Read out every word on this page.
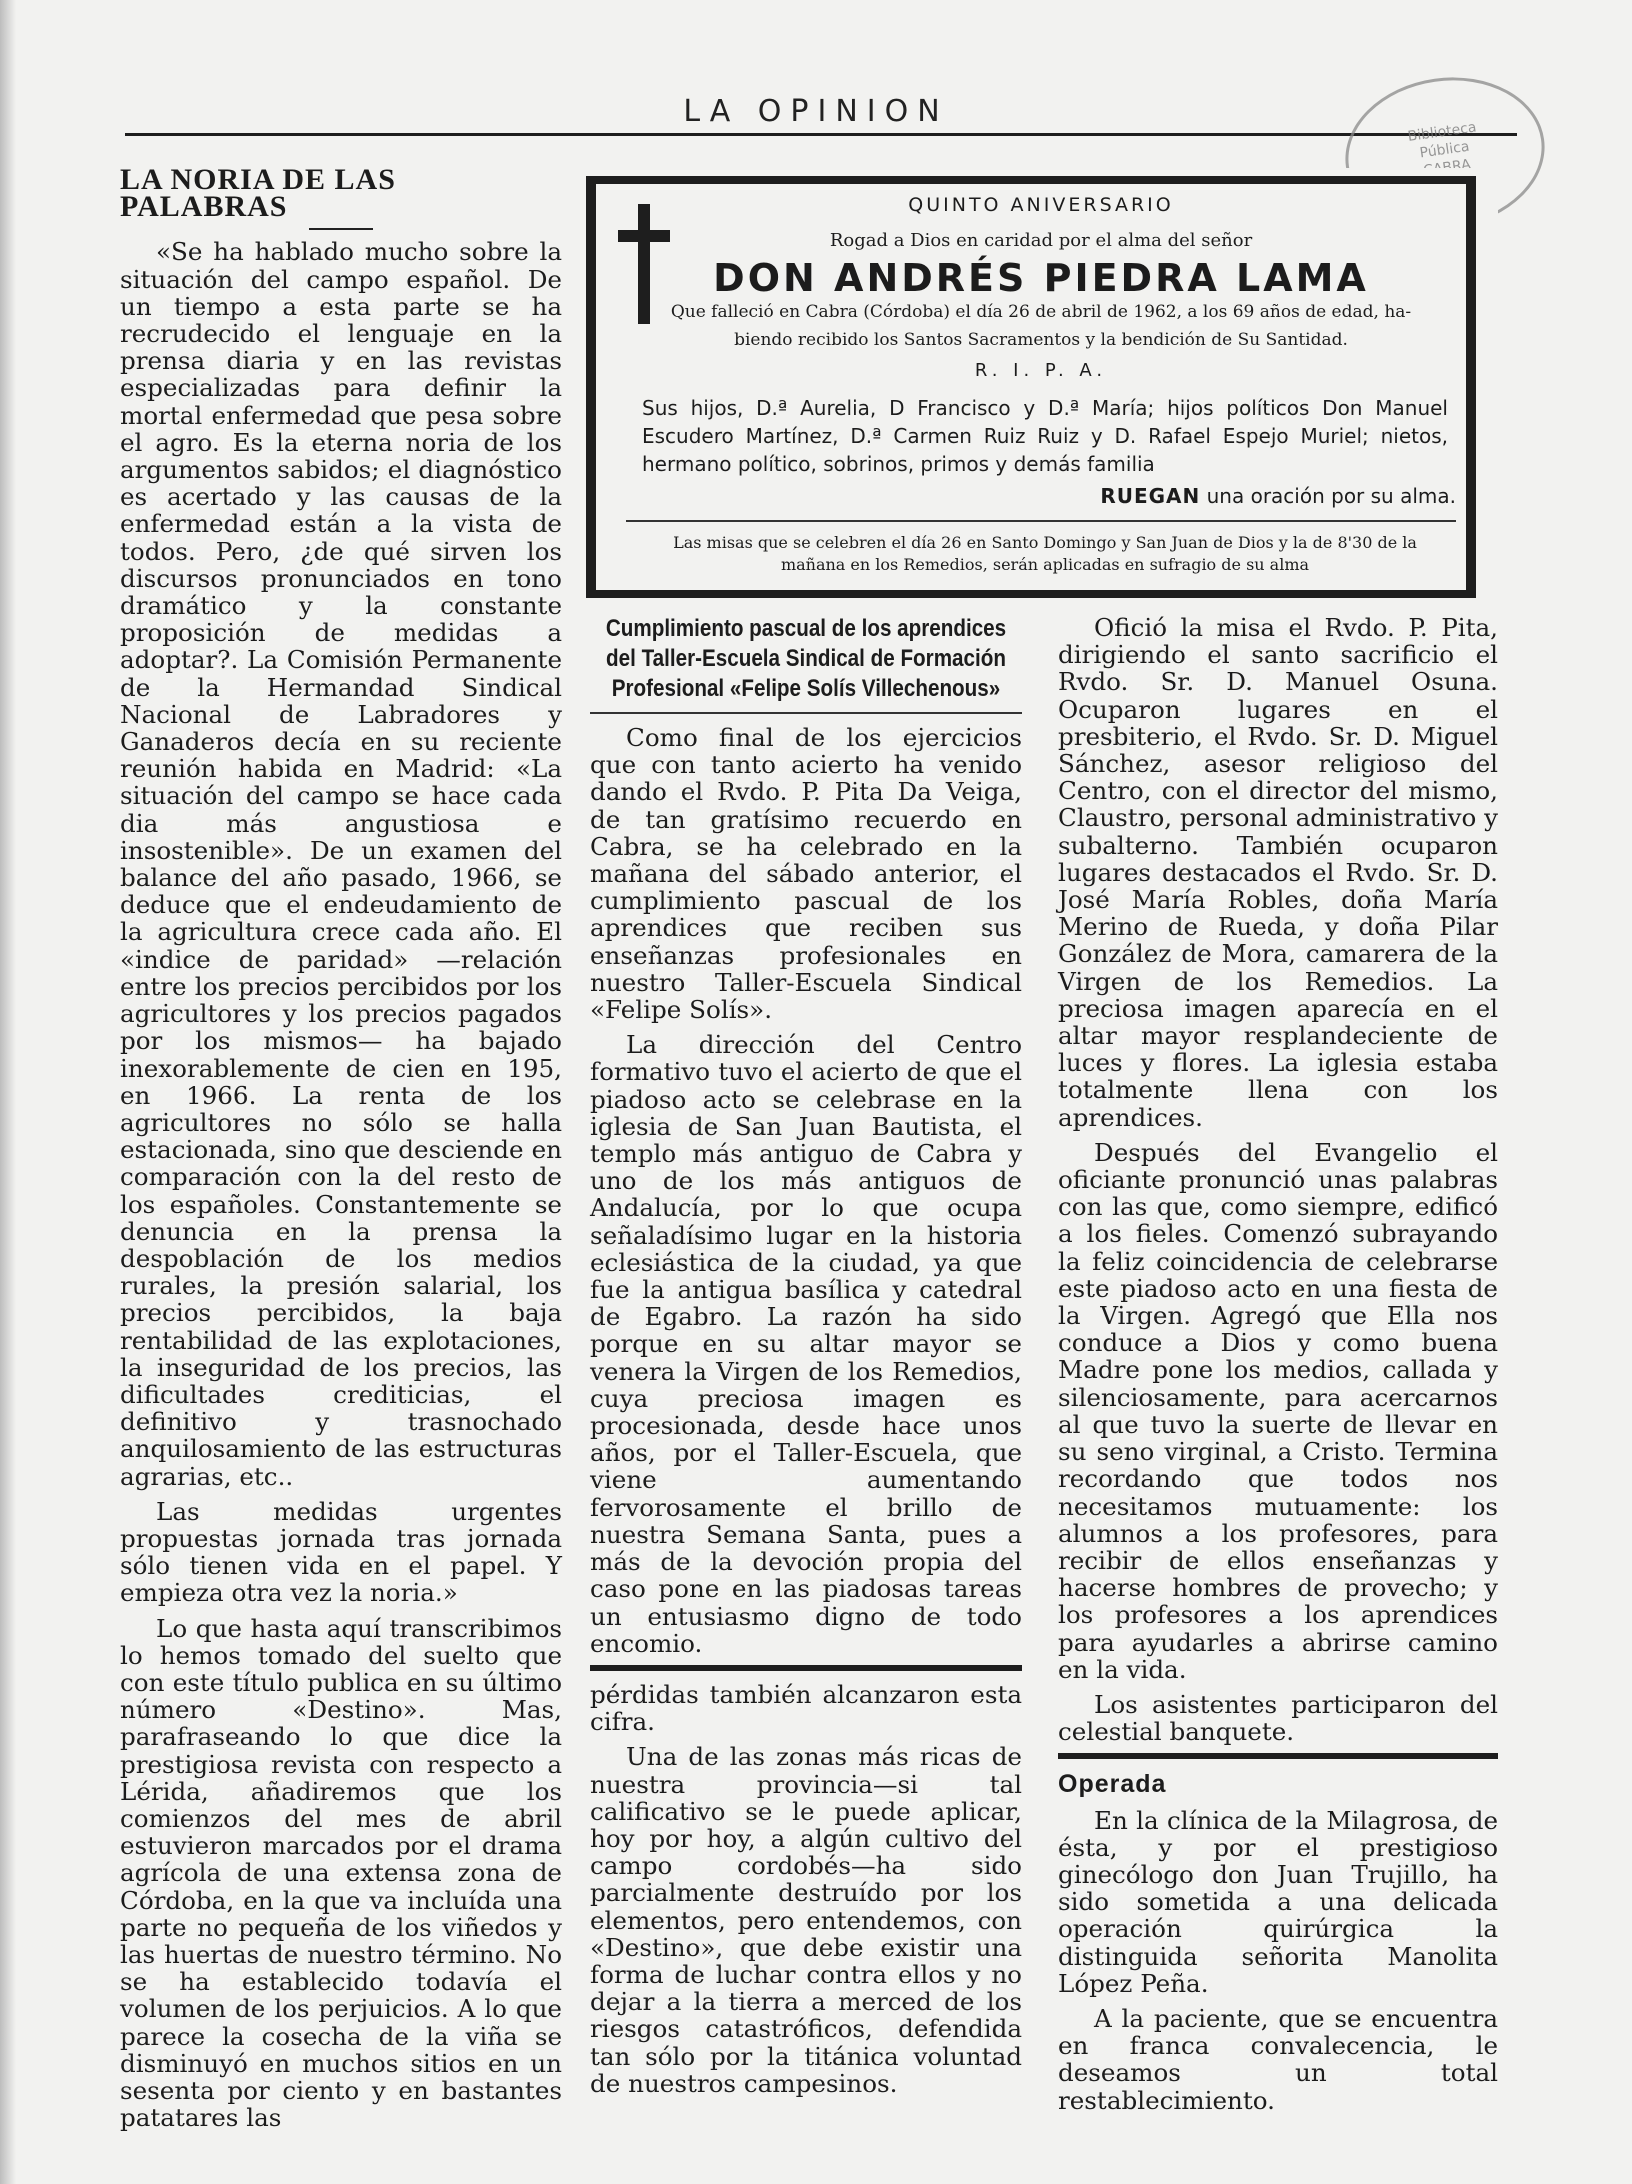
LA OPINION
Biblioteca
Pública
LA NORIA DE LAS PALABRAS

«Se ha hablado mucho sobre la situación del campo español. De un tiempo a esta parte se ha recrudecido el lenguaje en la prensa diaria y en las revistas especializadas para definir la mortal enfermedad que pesa sobre el agro. Es la eterna noria de los argumentos sabidos; el diagnóstico es acertado y las causas de la enfermedad están a la vista de todos. Pero, ¿de qué sirven los discursos pronunciados en tono dramático y la constante proposición de medidas a adoptar?. La Comisión Permanente de la Hermandad Sindical Nacional de Labradores y Ganaderos decía en su reciente reunión habida en Madrid: «La situación del campo se hace cada dia más angustiosa e insostenible». De un examen del balance del año pasado, 1966, se deduce que el endeudamiento de la agricultura crece cada año. El «indice de paridad» —relación entre los precios percibidos por los agricultores y los precios pagados por los mismos— ha bajado inexorablemente de cien en 195, en 1966. La renta de los agricultores no sólo se halla estacionada, sino que desciende en comparación con la del resto de los españoles. Constantemente se denuncia en la prensa la despoblación de los medios rurales, la presión salarial, los precios percibidos, la baja rentabilidad de las explotaciones, la inseguridad de los precios, las dificultades crediticias, el definitivo y trasnochado anquilosamiento de las estructuras agrarias, etc..

Las medidas urgentes propuestas jornada tras jornada sólo tienen vida en el papel. Y empieza otra vez la noria.»

Lo que hasta aquí transcribimos lo hemos tomado del suelto que con este título publica en su último número «Destino». Mas, parafraseando lo que dice la prestigiosa revista con respecto a Lérida, añadiremos que los comienzos del mes de abril estuvieron marcados por el drama agrícola de una extensa zona de Córdoba, en la que va incluída una parte no pequeña de los viñedos y las huertas de nuestro término. No se ha establecido todavía el volumen de los perjuicios. A lo que parece la cosecha de la viña se disminuyó en muchos sitios en un sesenta por ciento y en bastantes patatares las

QUINTO ANIVERSARIO
Rogad a Dios en caridad por el alma del señor
DON ANDRÉS PIEDRA LAMA
Que falleció en Cabra (Córdoba) el día 26 de abril de 1962, a los 69 años de edad, ha-
biendo recibido los Santos Sacramentos y la bendición de Su Santidad.
R. I. P. A.
Sus hijos, D.ª Aurelia, D Francisco y D.ª María; hijos políticos Don Manuel Escudero Martínez, D.ª Carmen Ruiz Ruiz y D. Rafael Espejo Muriel; nietos, hermano político, sobrinos, primos y demás familia
RUEGAN una oración por su alma.
Las misas que se celebren el día 26 en Santo Domingo y San Juan de Dios y la de 8'30 de la mañana en los Remedios, serán aplicadas en sufragio de su alma
Cumplimiento pascual de los aprendices del Taller-Escuela Sindical de Formación Profesional «Felipe Solís Villechenous»

Como final de los ejercicios que con tanto acierto ha venido dando el Rvdo. P. Pita Da Veiga, de tan gratísimo recuerdo en Cabra, se ha celebrado en la mañana del sábado anterior, el cumplimiento pascual de los aprendices que reciben sus enseñanzas profesionales en nuestro Taller-Escuela Sindical «Felipe Solís».

La dirección del Centro formativo tuvo el acierto de que el piadoso acto se celebrase en la iglesia de San Juan Bautista, el templo más antiguo de Cabra y uno de los más antiguos de Andalucía, por lo que ocupa señaladísimo lugar en la historia eclesiástica de la ciudad, ya que fue la antigua basílica y catedral de Egabro. La razón ha sido porque en su altar mayor se venera la Virgen de los Remedios, cuya preciosa imagen es procesionada, desde hace unos años, por el Taller-Escuela, que viene aumentando fervorosamente el brillo de nuestra Semana Santa, pues a más de la devoción propia del caso pone en las piadosas tareas un entusiasmo digno de todo encomio.

pérdidas también alcanzaron esta cifra.

Una de las zonas más ricas de nuestra provincia—si tal calificativo se le puede aplicar, hoy por hoy, a algún cultivo del campo cordobés—ha sido parcialmente destruído por los elementos, pero entendemos, con «Destino», que debe existir una forma de luchar contra ellos y no dejar a la tierra a merced de los riesgos catastróficos, defendida tan sólo por la titánica voluntad de nuestros campesinos.

Ofició la misa el Rvdo. P. Pita, dirigiendo el santo sacrificio el Rvdo. Sr. D. Manuel Osuna. Ocuparon lugares en el presbiterio, el Rvdo. Sr. D. Miguel Sánchez, asesor religioso del Centro, con el director del mismo, Claustro, personal administrativo y subalterno. También ocuparon lugares destacados el Rvdo. Sr. D. José María Robles, doña María Merino de Rueda, y doña Pilar González de Mora, camarera de la Virgen de los Remedios. La preciosa imagen aparecía en el altar mayor resplandeciente de luces y flores. La iglesia estaba totalmente llena con los aprendices.

Después del Evangelio el oficiante pronunció unas palabras con las que, como siempre, edificó a los fieles. Comenzó subrayando la feliz coincidencia de celebrarse este piadoso acto en una fiesta de la Virgen. Agregó que Ella nos conduce a Dios y como buena Madre pone los medios, callada y silenciosamente, para acercarnos al que tuvo la suerte de llevar en su seno virginal, a Cristo. Termina recordando que todos nos necesitamos mutuamente: los alumnos a los profesores, para recibir de ellos enseñanzas y hacerse hombres de provecho; y los profesores a los aprendices para ayudarles a abrirse camino en la vida.

Los asistentes participaron del celestial banquete.

Operada

En la clínica de la Milagrosa, de ésta, y por el prestigioso ginecólogo don Juan Trujillo, ha sido sometida a una delicada operación quirúrgica la distinguida señorita Manolita López Peña.

A la paciente, que se encuentra en franca convalecencia, le deseamos un total restablecimiento.
